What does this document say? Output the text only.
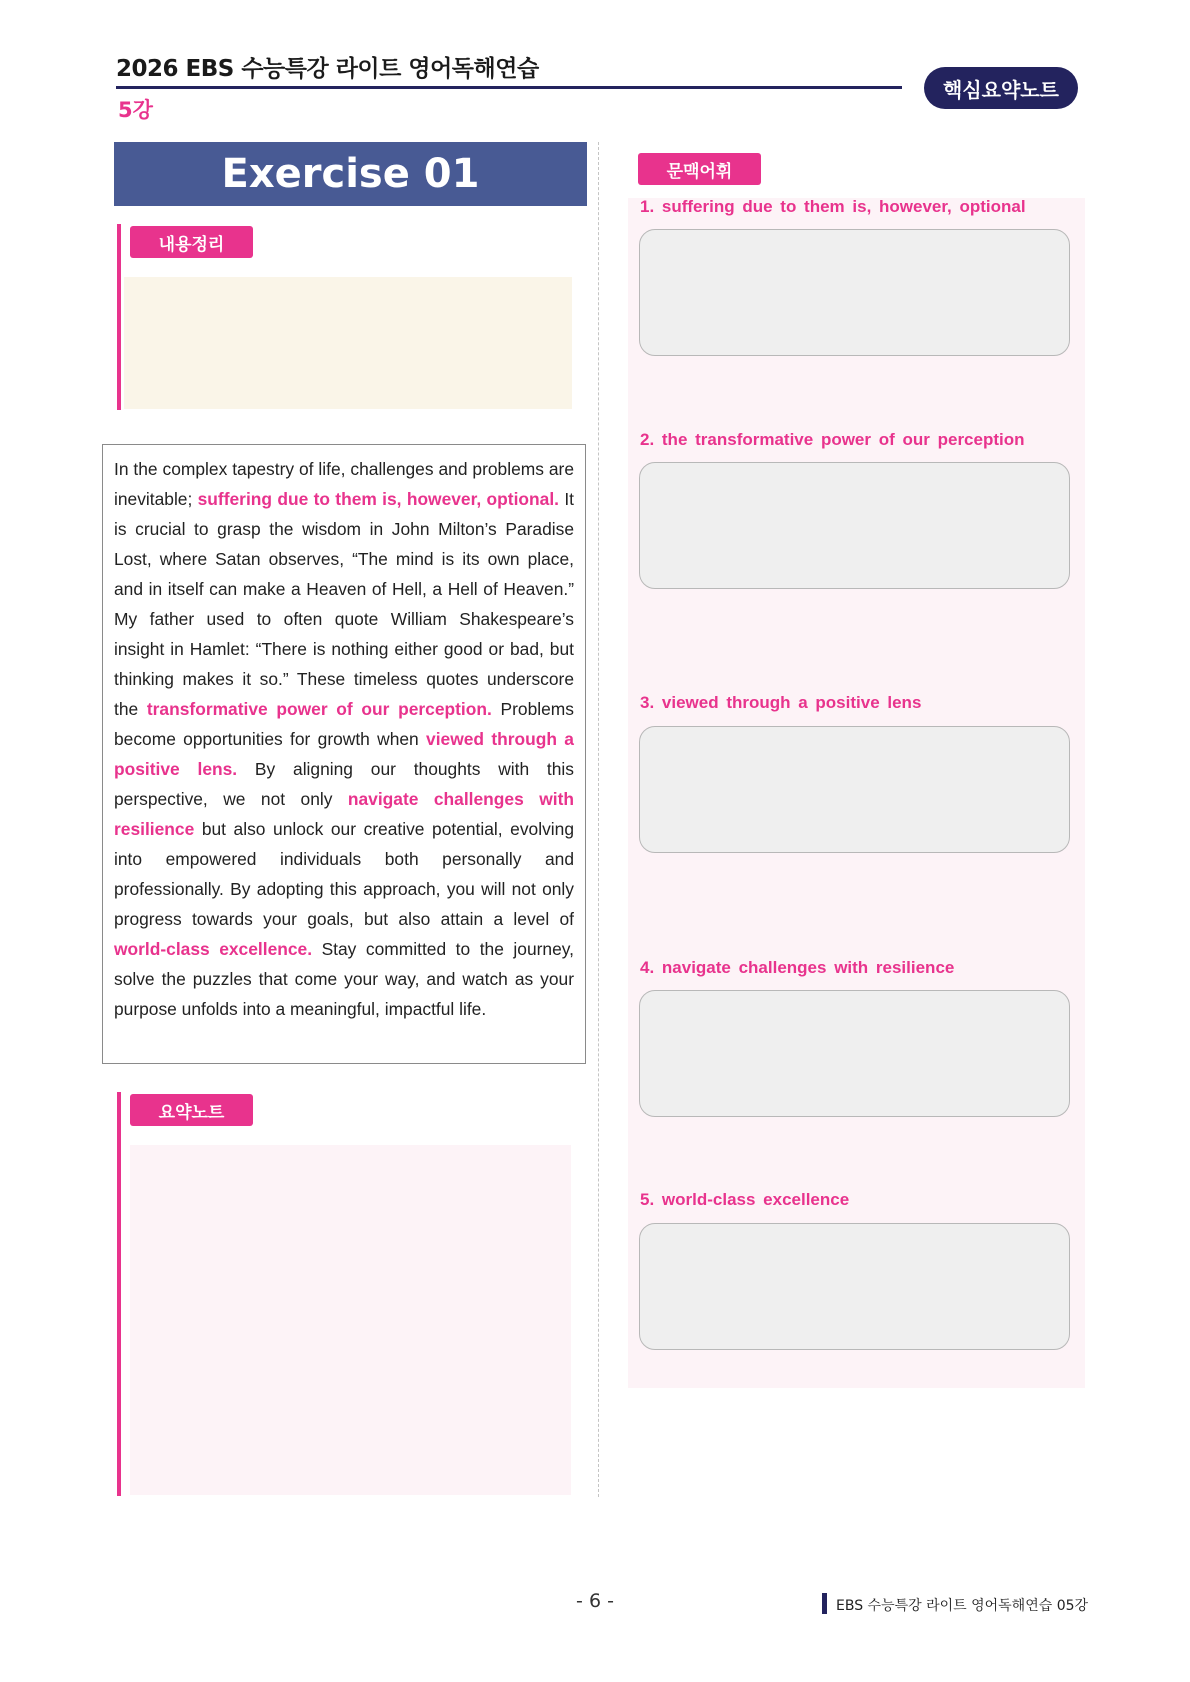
2026 EBS 수능특강 라이트 영어독해연습
5강
핵심요약노트
Exercise 01
내용정리

In the complex tapestry of life, challenges and problems are inevitable; suffering due to them is, however, optional. It is crucial to grasp the wisdom in John Milton’s Paradise Lost, where Satan observes, “The mind is its own place, and in itself can make a Heaven of Hell, a Hell of Heaven.” My father used to often quote William Shakespeare’s insight in Hamlet: “There is nothing either good or bad, but thinking makes it so.” These timeless quotes underscore the transformative power of our perception. Problems become opportunities for growth when viewed through a positive lens. By aligning our thoughts with this perspective, we not only navigate challenges with resilience but also unlock our creative potential, evolving into empowered individuals both personally and professionally. By adopting this approach, you will not only progress towards your goals, but also attain a level of world-class excellence. Stay committed to the journey, solve the puzzles that come your way, and watch as your purpose unfolds into a meaningful, impactful life.

요약노트
문맥어휘
1. suffering due to them is, however, optional
2. the transformative power of our perception
3. viewed through a positive lens
4. navigate challenges with resilience
5. world-class excellence
- 6 -	EBS 수능특강 라이트 영어독해연습 05강
